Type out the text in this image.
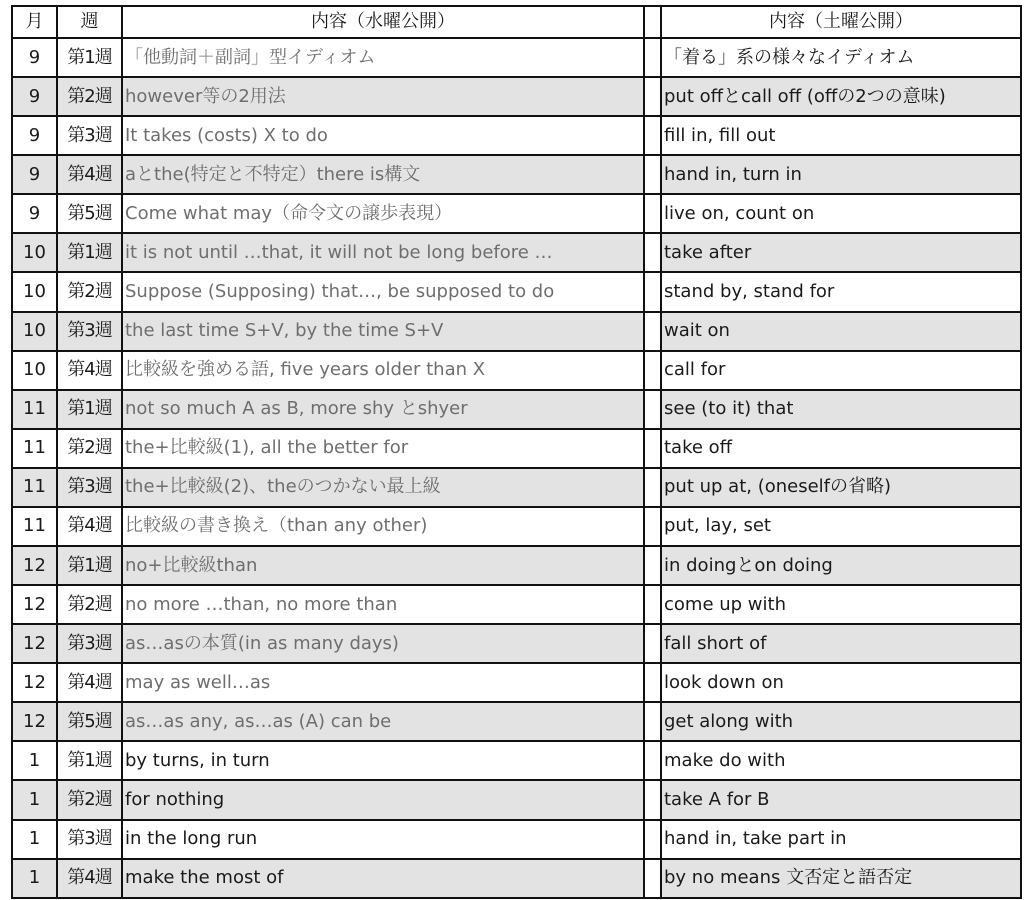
月	週	内容（水曜公開）		内容（土曜公開）
9	第1週	「他動詞＋副詞」型イディオム		「着る」系の様々なイディオム
9	第2週	however等の2用法		put offとcall off (offの2つの意味)
9	第3週	It takes (costs) X to do		fill in, fill out
9	第4週	aとthe(特定と不特定）there is構文		hand in, turn in
9	第5週	Come what may（命令文の譲歩表現）		live on, count on
10	第1週	it is not until …that, it will not be long before …		take after
10	第2週	Suppose (Supposing) that…, be supposed to do		stand by, stand for
10	第3週	the last time S+V, by the time S+V		wait on
10	第4週	比較級を強める語, five years older than X		call for
11	第1週	not so much A as B, more shy とshyer		see (to it) that
11	第2週	the+比較級(1), all the better for		take off
11	第3週	the+比較級(2)、theのつかない最上級		put up at, (oneselfの省略)
11	第4週	比較級の書き換え（than any other)		put, lay, set
12	第1週	no+比較級than		in doingとon doing
12	第2週	no more …than, no more than		come up with
12	第3週	as…asの本質(in as many days)		fall short of
12	第4週	may as well…as		look down on
12	第5週	as…as any, as…as (A) can be		get along with
1	第1週	by turns, in turn		make do with
1	第2週	for nothing		take A for B
1	第3週	in the long run		hand in, take part in
1	第4週	make the most of		by no means 文否定と語否定
